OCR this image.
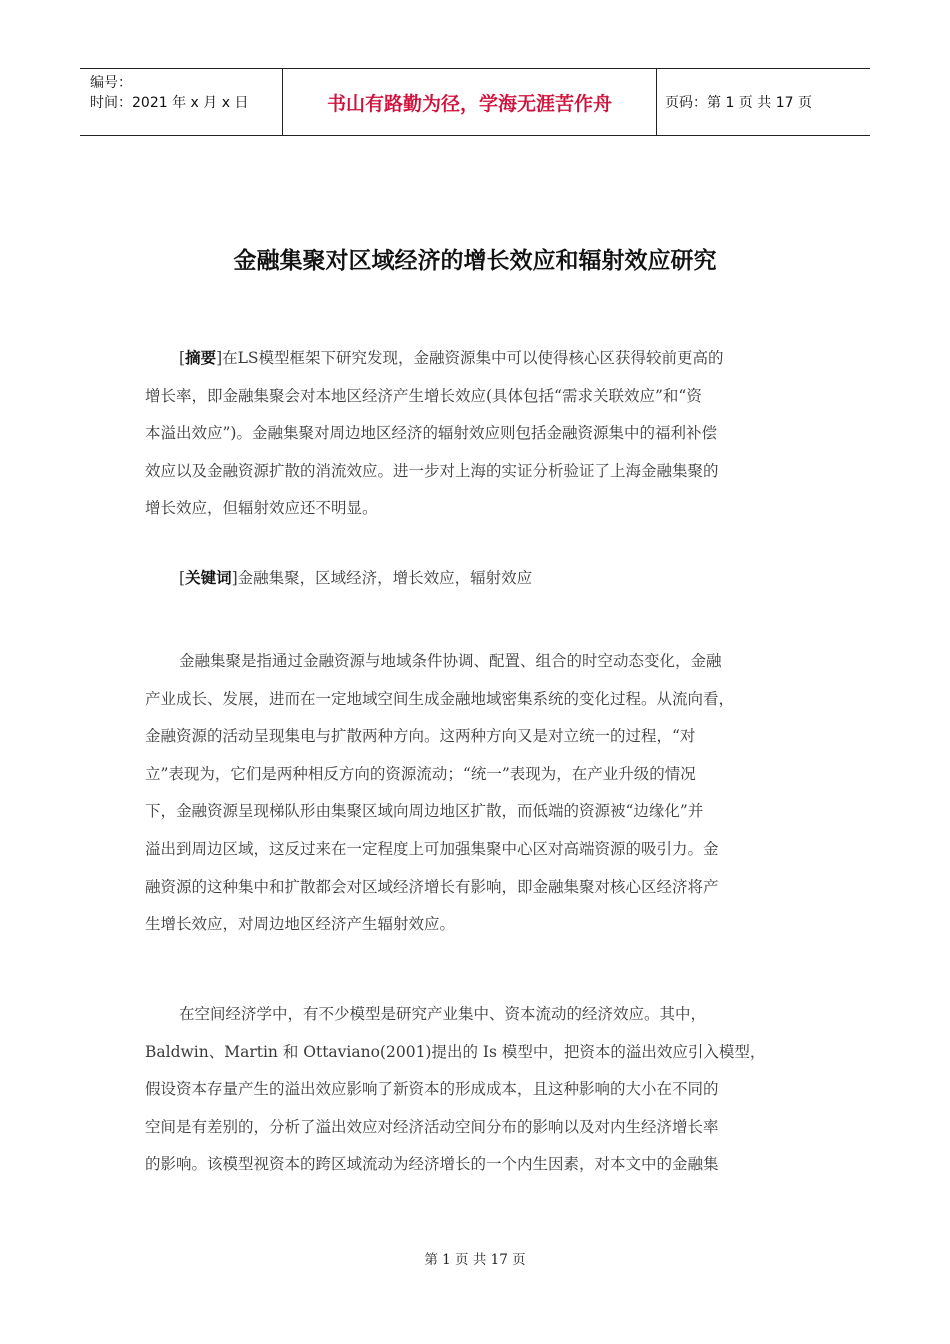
编号：
时间：2021 年 x 月 x 日	书山有路勤为径，学海无涯苦作舟	页码：第 1 页 共 17 页
金融集聚对区域经济的增长效应和辐射效应研究
[摘要]在LS模型框架下研究发现，金融资源集中可以使得核心区获得较前更高的
增长率，即金融集聚会对本地区经济产生增长效应(具体包括“需求关联效应”和“资
本溢出效应”)。金融集聚对周边地区经济的辐射效应则包括金融资源集中的福利补偿
效应以及金融资源扩散的消流效应。进一步对上海的实证分析验证了上海金融集聚的
增长效应，但辐射效应还不明显。
[关键词]金融集聚，区域经济，增长效应，辐射效应
金融集聚是指通过金融资源与地域条件协调、配置、组合的时空动态变化，金融
产业成长、发展，进而在一定地域空间生成金融地域密集系统的变化过程。从流向看，
金融资源的活动呈现集电与扩散两种方向。这两种方向又是对立统一的过程，“对
立”表现为，它们是两种相反方向的资源流动；“统一”表现为，在产业升级的情况
下，金融资源呈现梯队形由集聚区域向周边地区扩散，而低端的资源被“边缘化”并
溢出到周边区域，这反过来在一定程度上可加强集聚中心区对高端资源的吸引力。金
融资源的这种集中和扩散都会对区域经济增长有影响，即金融集聚对核心区经济将产
生增长效应，对周边地区经济产生辐射效应。
在空间经济学中，有不少模型是研究产业集中、资本流动的经济效应。其中，
Baldwin、Martin 和 Ottaviano(2001)提出的 Is 模型中，把资本的溢出效应引入模型，
假设资本存量产生的溢出效应影响了新资本的形成成本，且这种影响的大小在不同的
空间是有差别的，分析了溢出效应对经济活动空间分布的影响以及对内生经济增长率
的影响。该模型视资本的跨区域流动为经济增长的一个内生因素，对本文中的金融集
第 1 页 共 17 页
